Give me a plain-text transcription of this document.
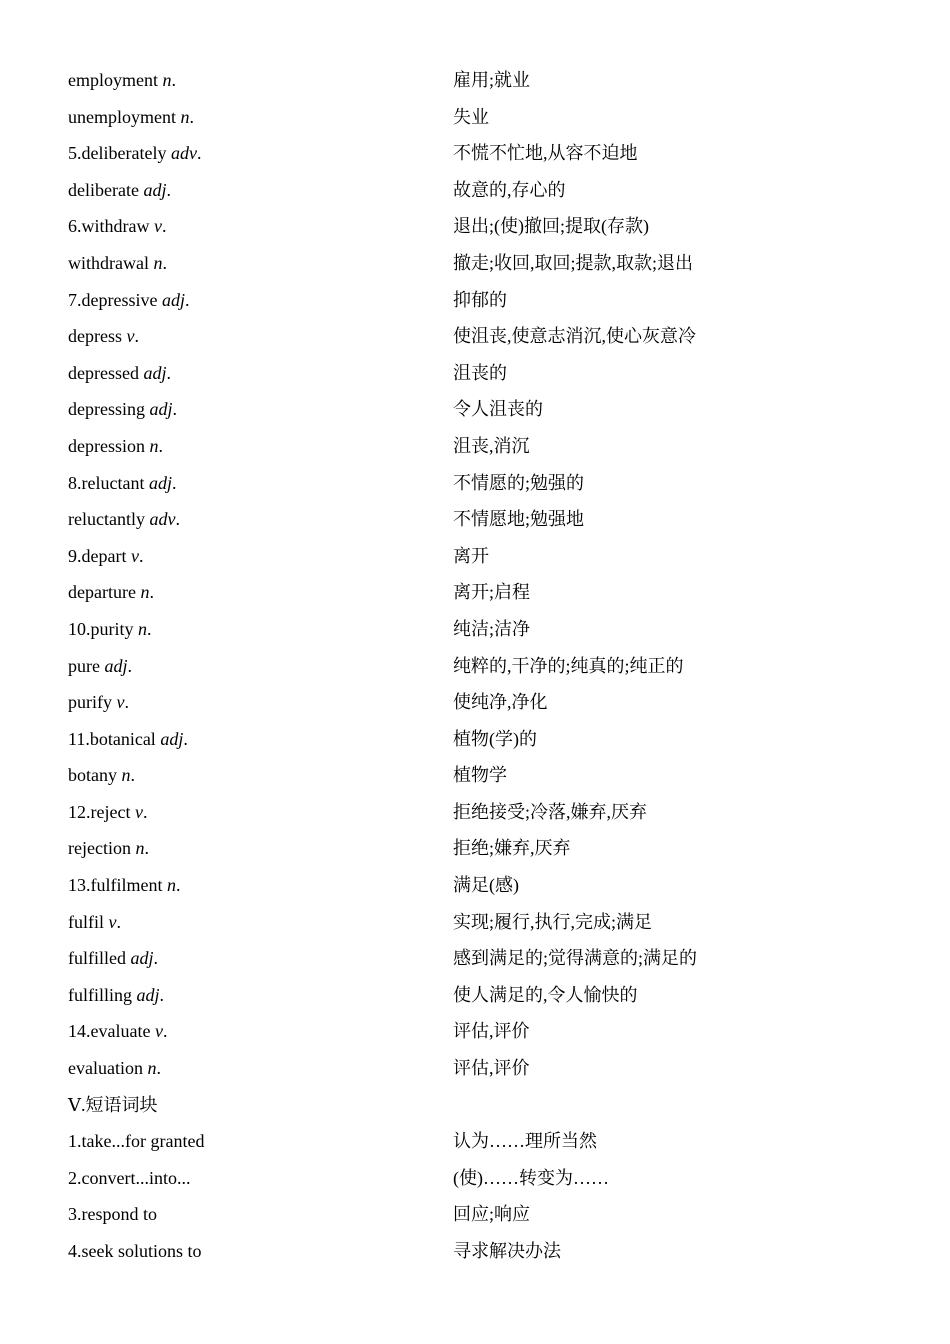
employment n.	雇用;就业
unemployment n.	失业
5.deliberately adv.	不慌不忙地,从容不迫地
deliberate adj.	故意的,存心的
6.withdraw v.	退出;(使)撤回;提取(存款)
withdrawal n.	撤走;收回,取回;提款,取款;退出
7.depressive adj.	抑郁的
depress v.	使沮丧,使意志消沉,使心灰意冷
depressed adj.	沮丧的
depressing adj.	令人沮丧的
depression n.	沮丧,消沉
8.reluctant adj.	不情愿的;勉强的
reluctantly adv.	不情愿地;勉强地
9.depart v.	离开
departure n.	离开;启程
10.purity n.	纯洁;洁净
pure adj.	纯粹的,干净的;纯真的;纯正的
purify v.	使纯净,净化
11.botanical adj.	植物(学)的
botany n.	植物学
12.reject v.	拒绝接受;冷落,嫌弃,厌弃
rejection n.	拒绝;嫌弃,厌弃
13.fulfilment n.	满足(感)
fulfil v.	实现;履行,执行,完成;满足
fulfilled adj.	感到满足的;觉得满意的;满足的
fulfilling adj.	使人满足的,令人愉快的
14.evaluate v.	评估,评价
evaluation n.	评估,评价
Ⅴ.短语词块
1.take...for granted	认为……理所当然
2.convert...into...	(使)……转变为……
3.respond to	回应;响应
4.seek solutions to	寻求解决办法
